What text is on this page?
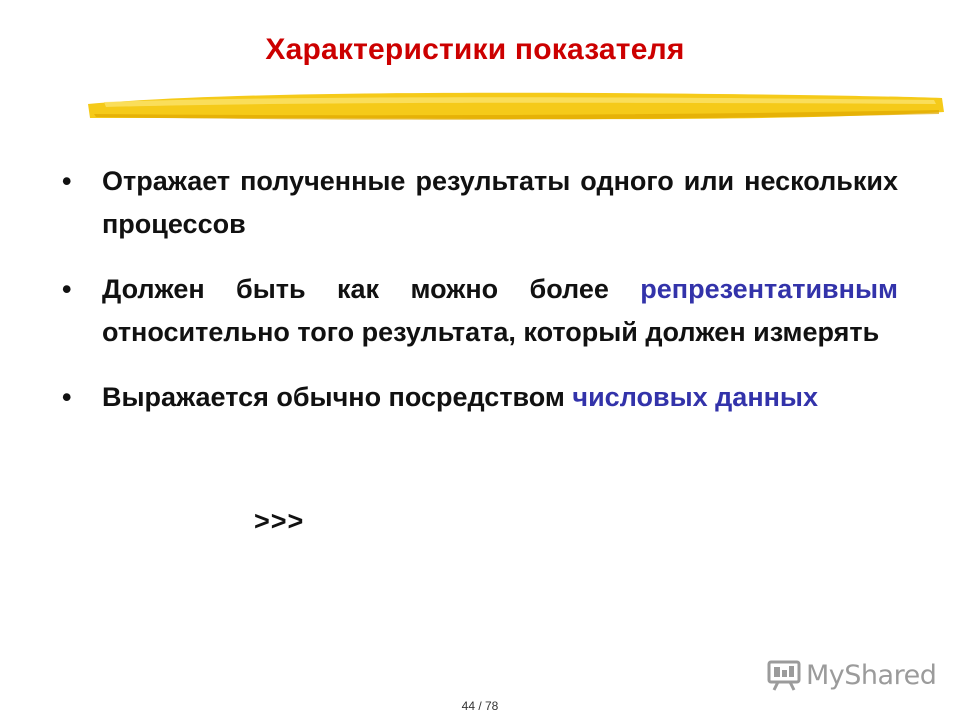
Характеристики показателя
•	Отражает полученные результаты одного или нескольких процессов
•	Должен быть как можно более репрезентативным относительно того результата, который должен измерять
•	Выражается обычно посредством числовых данных
>>>
MyShared
44 / 78
